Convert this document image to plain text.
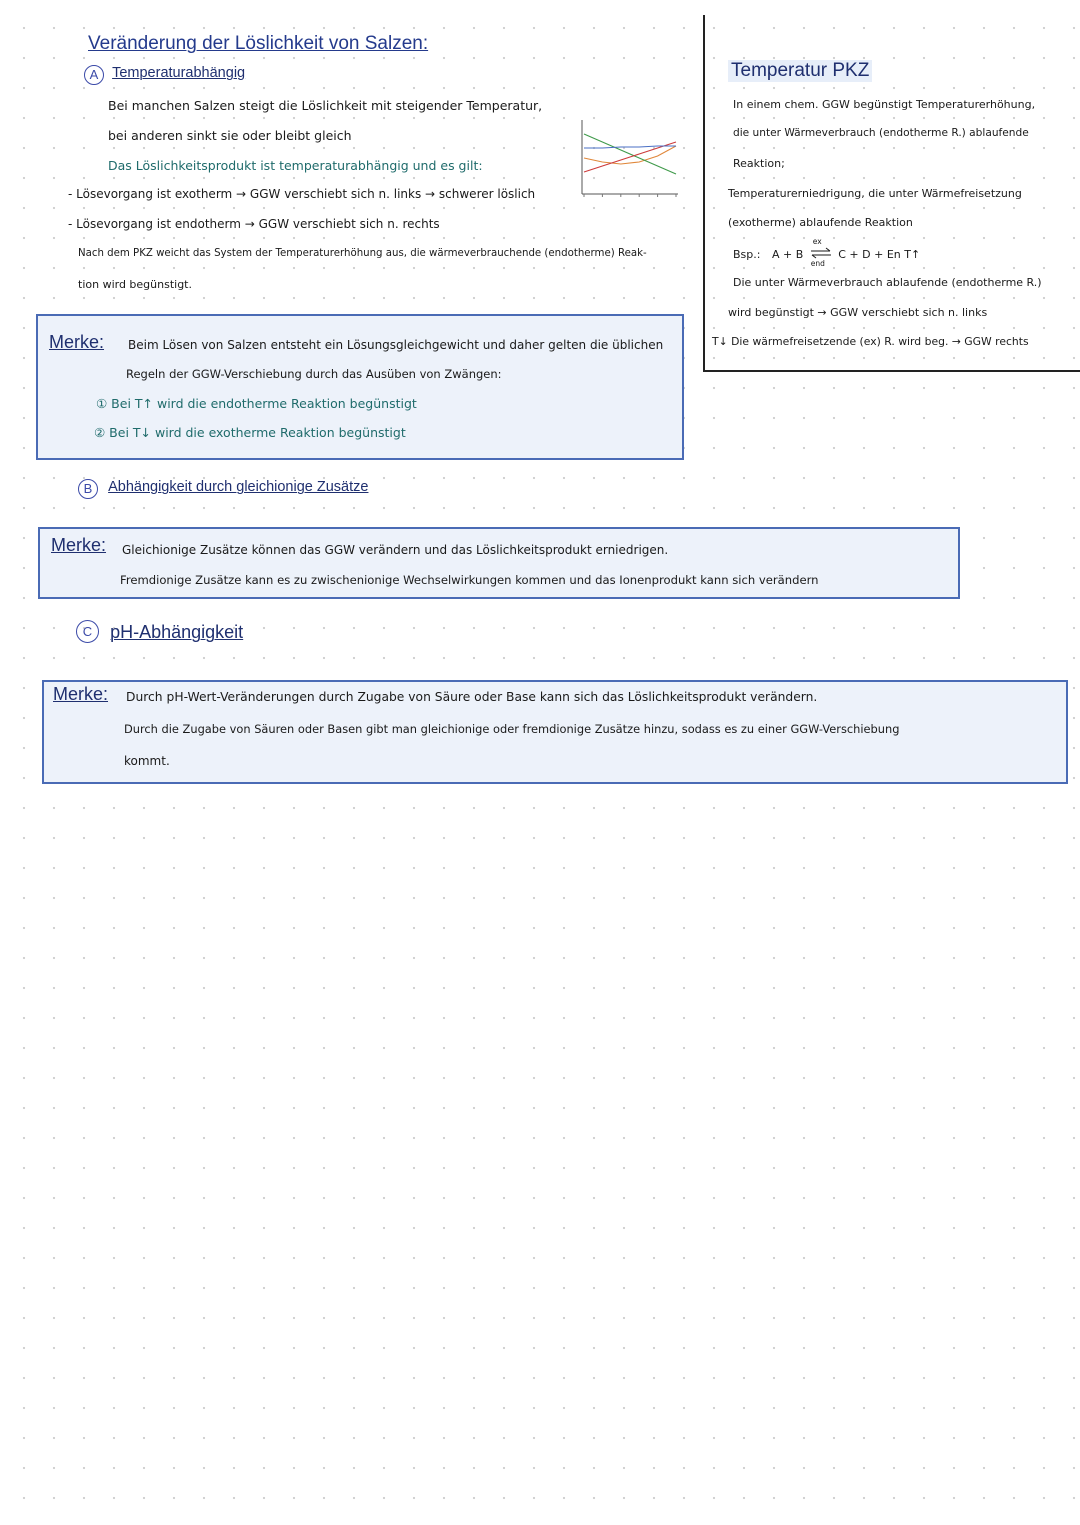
Veränderung der Löslichkeit von Salzen:
A Temperaturabhängig
Bei manchen Salzen steigt die Löslichkeit mit steigender Temperatur,
bei anderen sinkt sie oder bleibt gleich
Das Löslichkeitsprodukt ist temperaturabhängig und es gilt:
- Lösevorgang ist exotherm → GGW verschiebt sich n. links → schwerer löslich
- Lösevorgang ist endotherm → GGW verschiebt sich n. rechts
Nach dem PKZ weicht das System der Temperaturerhöhung aus, die wärmeverbrauchende (endotherme) Reak-
tion wird begünstigt.
Merke: Beim Lösen von Salzen entsteht ein Lösungsgleichgewicht und daher gelten die üblichen
Regeln der GGW-Verschiebung durch das Ausüben von Zwängen:
① Bei T↑ wird die endotherme Reaktion begünstigt
② Bei T↓ wird die exotherme Reaktion begünstigt
B Abhängigkeit durch gleichionige Zusätze
Merke: Gleichionige Zusätze können das GGW verändern und das Löslichkeitsprodukt erniedrigen.
Fremdionige Zusätze kann es zu zwischenionige Wechselwirkungen kommen und das Ionenprodukt kann sich verändern
C pH-Abhängigkeit
Merke: Durch pH-Wert-Veränderungen durch Zugabe von Säure oder Base kann sich das Löslichkeitsprodukt verändern.
Durch die Zugabe von Säuren oder Basen gibt man gleichionige oder fremdionige Zusätze hinzu, sodass es zu einer GGW-Verschiebung
kommt.
Temperatur PKZ
In einem chem. GGW begünstigt Temperaturerhöhung,
die unter Wärmeverbrauch (endotherme R.) ablaufende
Reaktion;
Temperaturerniedrigung, die unter Wärmefreisetzung
(exotherme) ablaufende Reaktion
Bsp.: A + B
ex
end
C + D + En T↑
Die unter Wärmeverbrauch ablaufende (endotherme R.)
wird begünstigt → GGW verschiebt sich n. links
T↓ Die wärmefreisetzende (ex) R. wird beg. → GGW rechts
